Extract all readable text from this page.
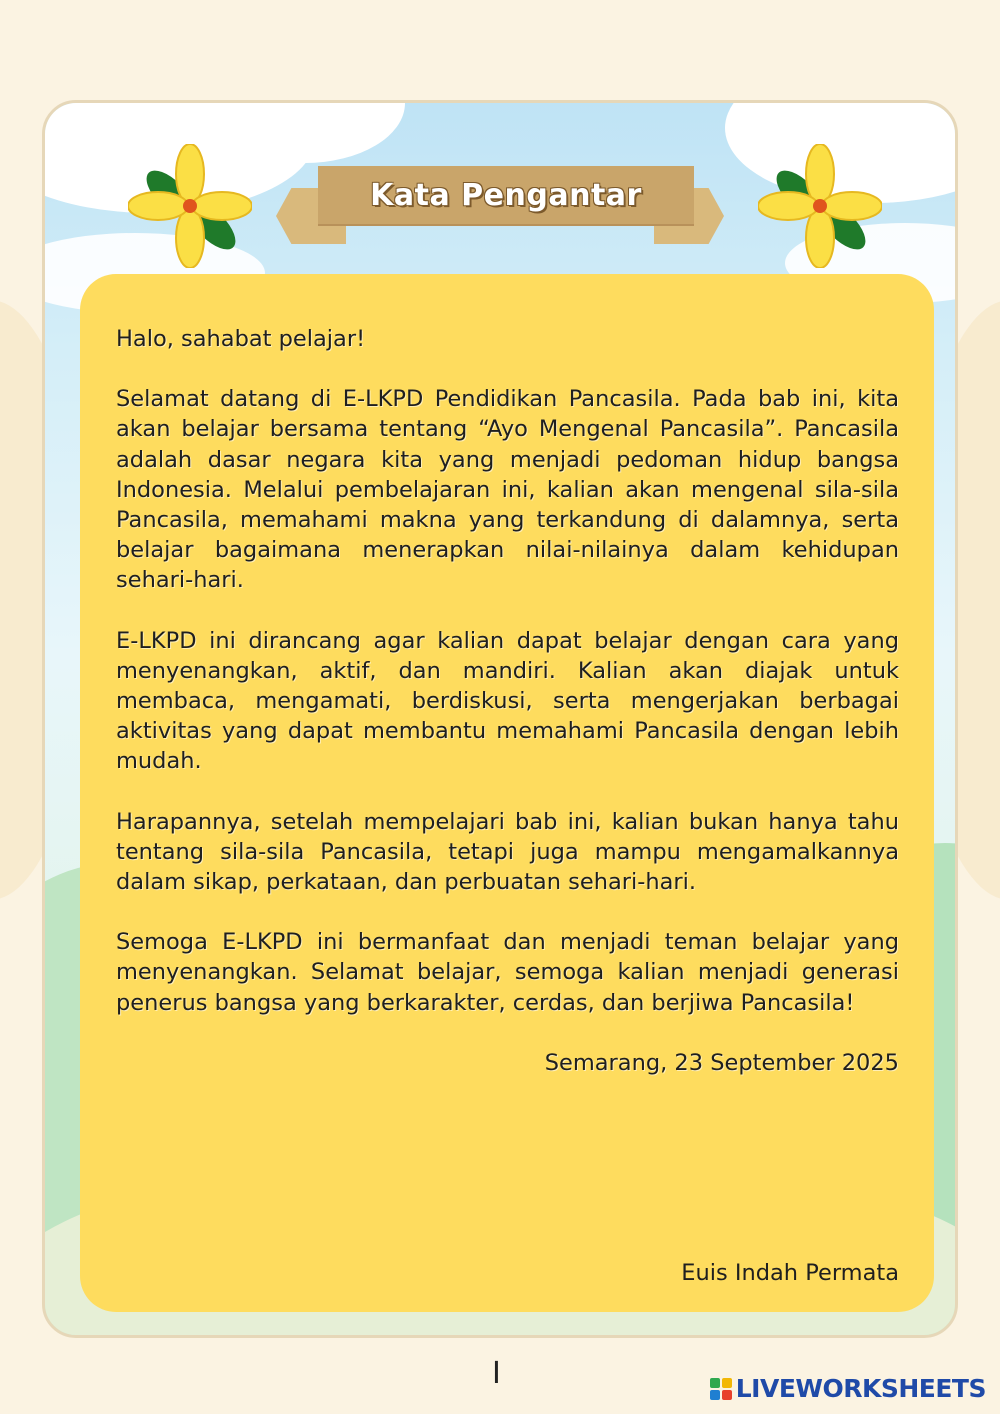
Kata Pengantar

Halo, sahabat pelajar!

Selamat datang di E-LKPD Pendidikan Pancasila. Pada bab ini, kita akan belajar bersama tentang “Ayo Mengenal Pancasila”. Pancasila adalah dasar negara kita yang menjadi pedoman hidup bangsa Indonesia. Melalui pembelajaran ini, kalian akan mengenal sila-sila Pancasila, memahami makna yang terkandung di dalamnya, serta belajar bagaimana menerapkan nilai-nilainya dalam kehidupan sehari-hari.

E-LKPD ini dirancang agar kalian dapat belajar dengan cara yang menyenangkan, aktif, dan mandiri. Kalian akan diajak untuk membaca, mengamati, berdiskusi, serta mengerjakan berbagai aktivitas yang dapat membantu memahami Pancasila dengan lebih mudah.

Harapannya, setelah mempelajari bab ini, kalian bukan hanya tahu tentang sila-sila Pancasila, tetapi juga mampu mengamalkannya dalam sikap, perkataan, dan perbuatan sehari-hari.

Semoga E-LKPD ini bermanfaat dan menjadi teman belajar yang menyenangkan. Selamat belajar, semoga kalian menjadi generasi penerus bangsa yang berkarakter, cerdas, dan berjiwa Pancasila!

Semarang, 23 September 2025

Euis Indah Permata
I	LIVEWORKSHEETS
